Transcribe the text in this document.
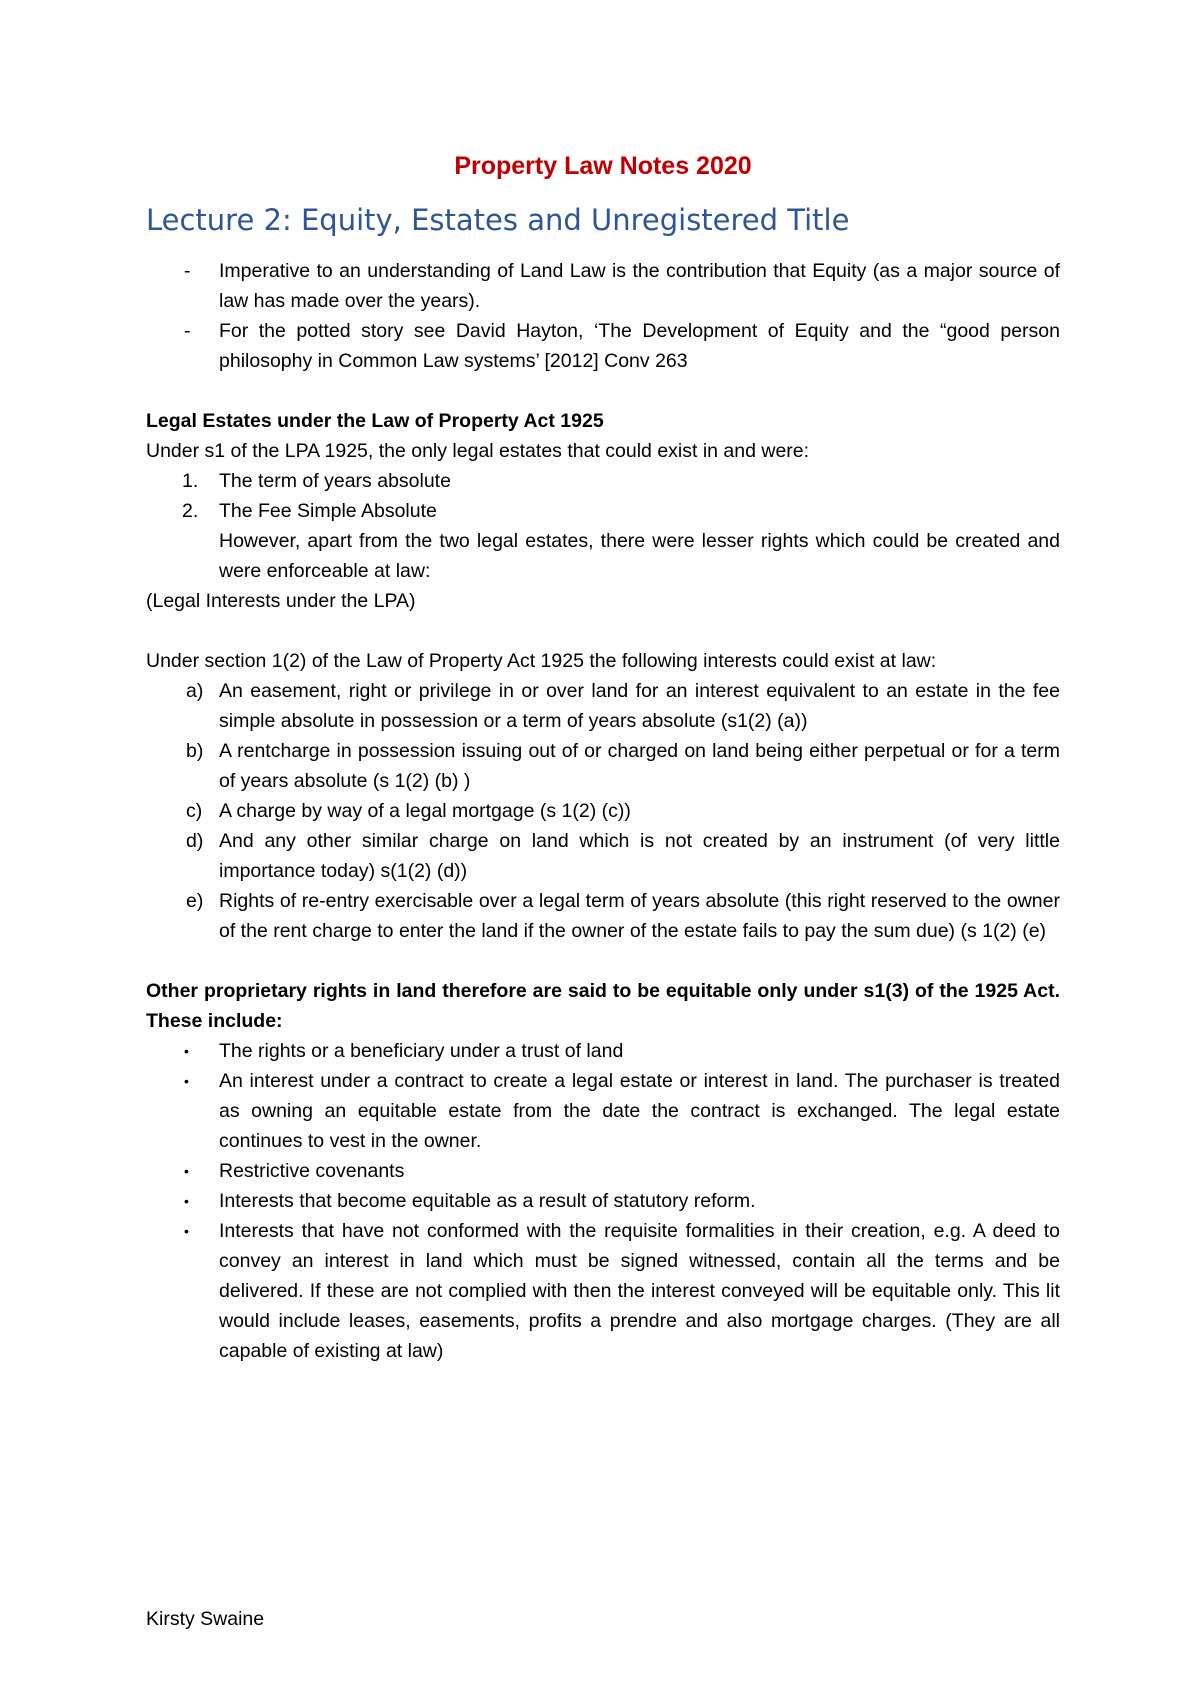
Property Law Notes 2020
Lecture 2: Equity, Estates and Unregistered Title
- Imperative to an understanding of Land Law is the contribution that Equity (as a major source of law has made over the years).
- For the potted story see David Hayton, ‘The Development of Equity and the “good person philosophy in Common Law systems’ [2012] Conv 263
Legal Estates under the Law of Property Act 1925
Under s1 of the LPA 1925, the only legal estates that could exist in and were:
1. The term of years absolute
2. The Fee Simple Absolute
However, apart from the two legal estates, there were lesser rights which could be created and were enforceable at law:
(Legal Interests under the LPA)
Under section 1(2) of the Law of Property Act 1925 the following interests could exist at law:
a) An easement, right or privilege in or over land for an interest equivalent to an estate in the fee simple absolute in possession or a term of years absolute (s1(2) (a))
b) A rentcharge in possession issuing out of or charged on land being either perpetual or for a term of years absolute (s 1(2) (b) )
c) A charge by way of a legal mortgage (s 1(2) (c))
d) And any other similar charge on land which is not created by an instrument (of very little importance today) s(1(2) (d))
e) Rights of re-entry exercisable over a legal term of years absolute (this right reserved to the owner of the rent charge to enter the land if the owner of the estate fails to pay the sum due) (s 1(2) (e)
Other proprietary rights in land therefore are said to be equitable only under s1(3) of the 1925 Act. These include:
• The rights or a beneficiary under a trust of land
• An interest under a contract to create a legal estate or interest in land. The purchaser is treated as owning an equitable estate from the date the contract is exchanged. The legal estate continues to vest in the owner.
• Restrictive covenants
• Interests that become equitable as a result of statutory reform.
• Interests that have not conformed with the requisite formalities in their creation, e.g. A deed to convey an interest in land which must be signed witnessed, contain all the terms and be delivered. If these are not complied with then the interest conveyed will be equitable only. This lit would include leases, easements, profits a prendre and also mortgage charges. (They are all capable of existing at law)
Kirsty Swaine
